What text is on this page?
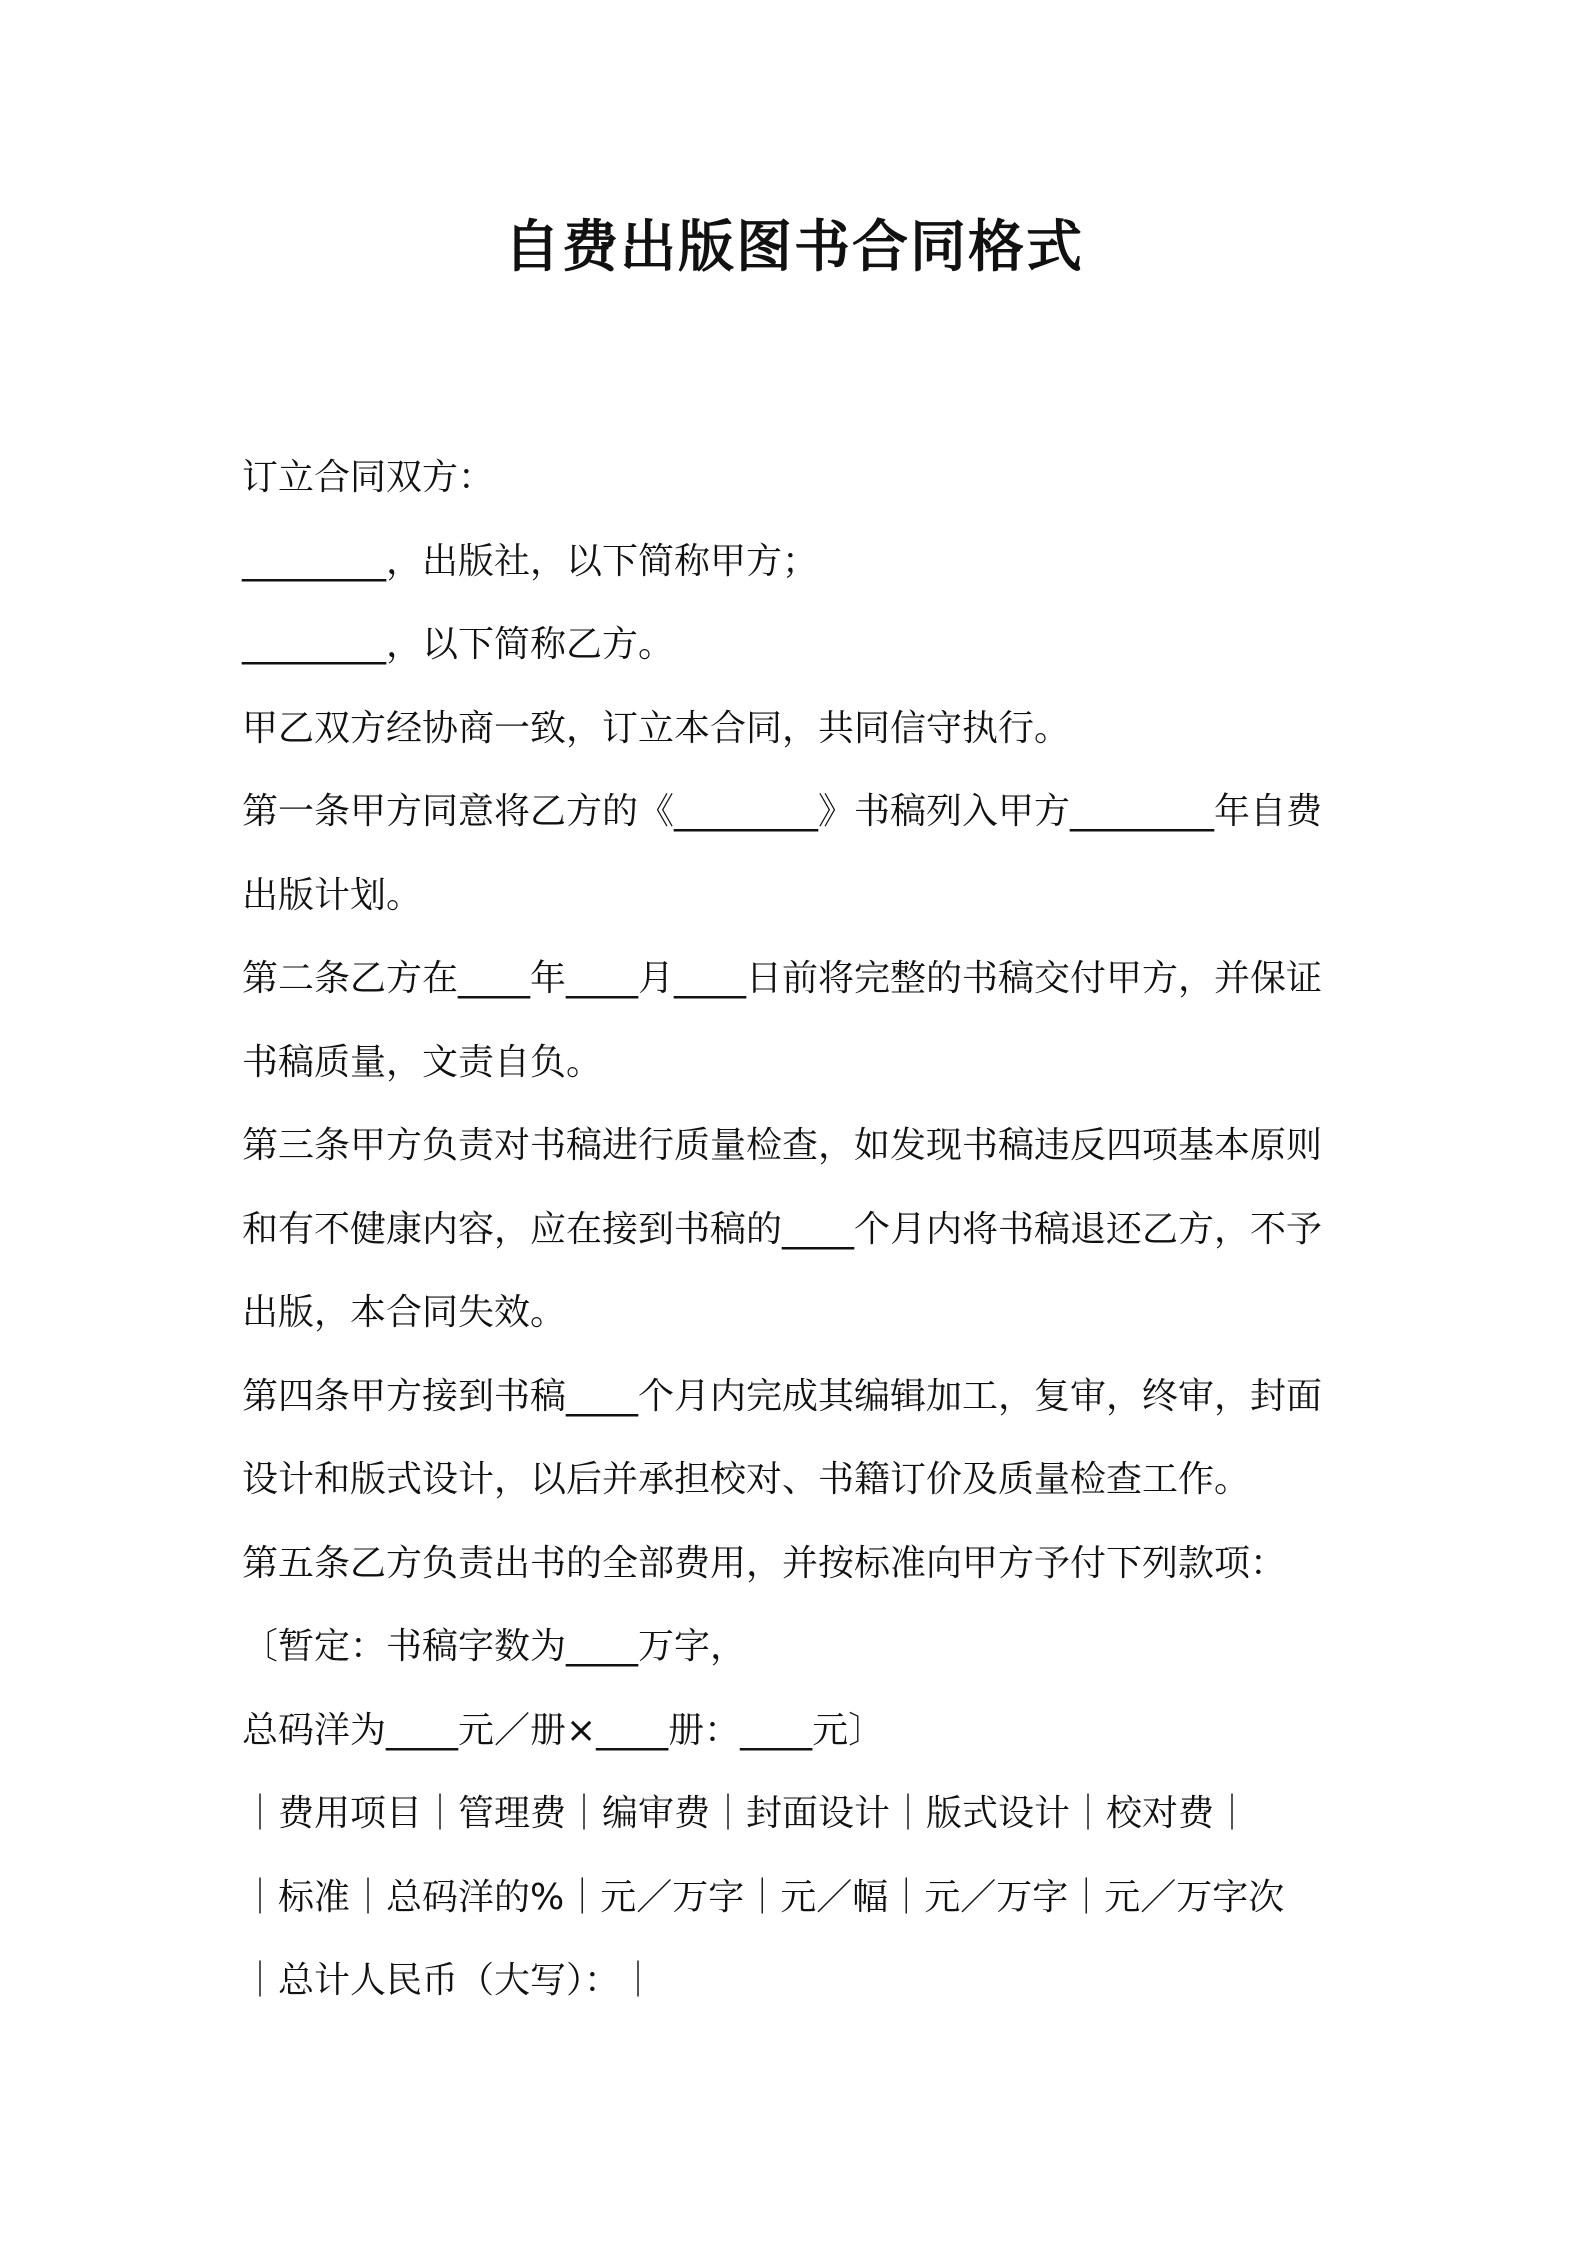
自费出版图书合同格式
订立合同双方：
________，出版社，以下简称甲方；
________，以下简称乙方。
甲乙双方经协商一致，订立本合同，共同信守执行。
第一条甲方同意将乙方的《________》书稿列入甲方________年自费
出版计划。
第二条乙方在____年____月____日前将完整的书稿交付甲方，并保证
书稿质量，文责自负。
第三条甲方负责对书稿进行质量检查，如发现书稿违反四项基本原则
和有不健康内容，应在接到书稿的____个月内将书稿退还乙方，不予
出版，本合同失效。
第四条甲方接到书稿____个月内完成其编辑加工，复审，终审，封面
设计和版式设计，以后并承担校对、书籍订价及质量检查工作。
第五条乙方负责出书的全部费用，并按标准向甲方予付下列款项：
〔暂定：书稿字数为____万字，
总码洋为____元／册×____册：____元〕
｜费用项目｜管理费｜编审费｜封面设计｜版式设计｜校对费｜
｜标准｜总码洋的%｜元／万字｜元／幅｜元／万字｜元／万字次
｜总计人民币（大写）：｜
